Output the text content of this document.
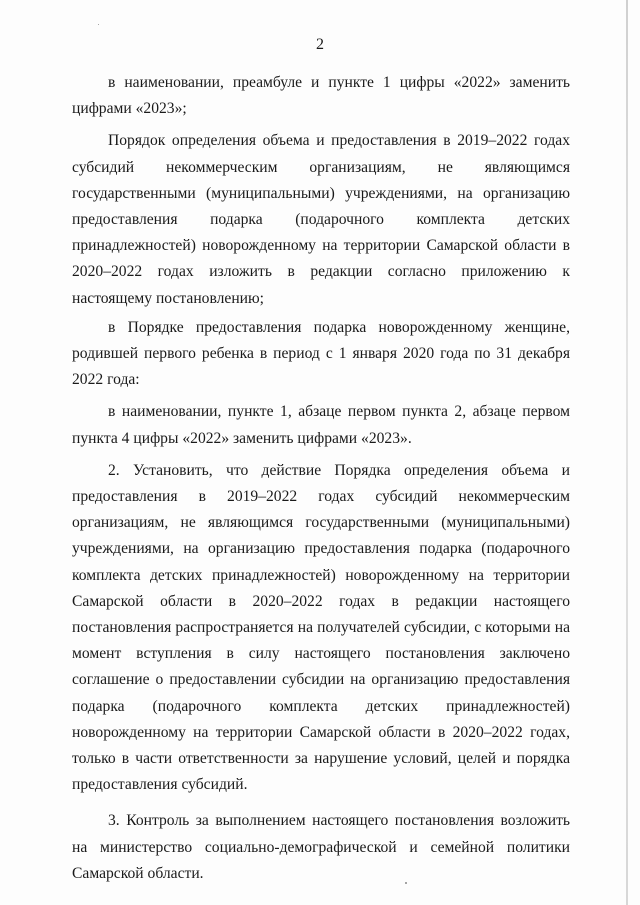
2

в наименовании, преамбуле и пункте 1 цифры «2022» заменить цифрами «2023»;

Порядок определения объема и предоставления в 2019–2022 годах субсидий некоммерческим организациям, не являющимся государственными (муниципальными) учреждениями, на организацию предоставления подарка (подарочного комплекта детских принадлежностей) новорожденному на территории Самарской области в 2020–2022 годах изложить в редакции согласно приложению к настоящему постановлению;

в Порядке предоставления подарка новорожденному женщине, родившей первого ребенка в период с 1 января 2020 года по 31 декабря 2022 года:

в наименовании, пункте 1, абзаце первом пункта 2, абзаце первом пункта 4 цифры «2022» заменить цифрами «2023».

2. Установить, что действие Порядка определения объема и предоставления в 2019–2022 годах субсидий некоммерческим организациям, не являющимся государственными (муниципальными) учреждениями, на организацию предоставления подарка (подарочного комплекта детских принадлежностей) новорожденному на территории Самарской области в 2020–2022 годах в редакции настоящего постановления распространяется на получателей субсидии, с которыми на момент вступления в силу настоящего постановления заключено соглашение о предоставлении субсидии на организацию предоставления подарка (подарочного комплекта детских принадлежностей) новорожденному на территории Самарской области в 2020–2022 годах, только в части ответственности за нарушение условий, целей и порядка предоставления субсидий.

3. Контроль за выполнением настоящего постановления возложить на министерство социально-демографической и семейной политики Самарской области.
